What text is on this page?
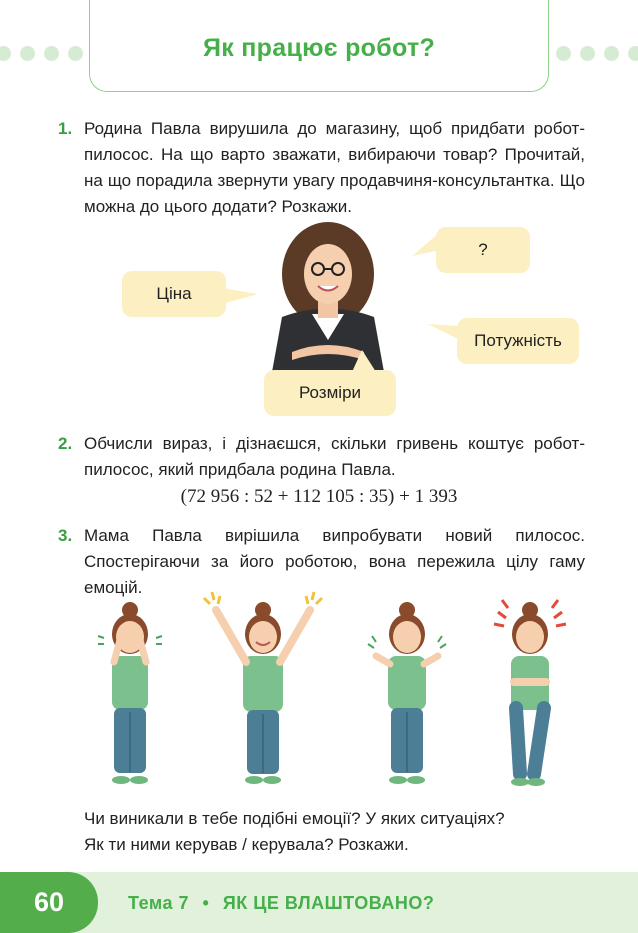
Як працює робот?
1. Родина Павла вирушила до магазину, щоб придбати робот-пилосос. На що варто зважати, вибираючи товар? Прочитай, на що порадила звернути увагу продавчиня-консультантка. Що можна до цього додати? Розкажи.
Ціна
?
Потужність
Розміри
2. Обчисли вираз, і дізнаєшся, скільки гривень коштує робот-пилосос, який придбала родина Павла.
(72 956 : 52 + 112 105 : 35) + 1 393
3. Мама Павла вирішила випробувати новий пилосос. Спостерігаючи за його роботою, вона пережила цілу гаму емоцій.
Чи виникали в тебе подібні емоції? У яких ситуаціях?
Як ти ними керував / керувала? Розкажи.
60	Тема 7 • ЯК ЦЕ ВЛАШТОВАНО?
